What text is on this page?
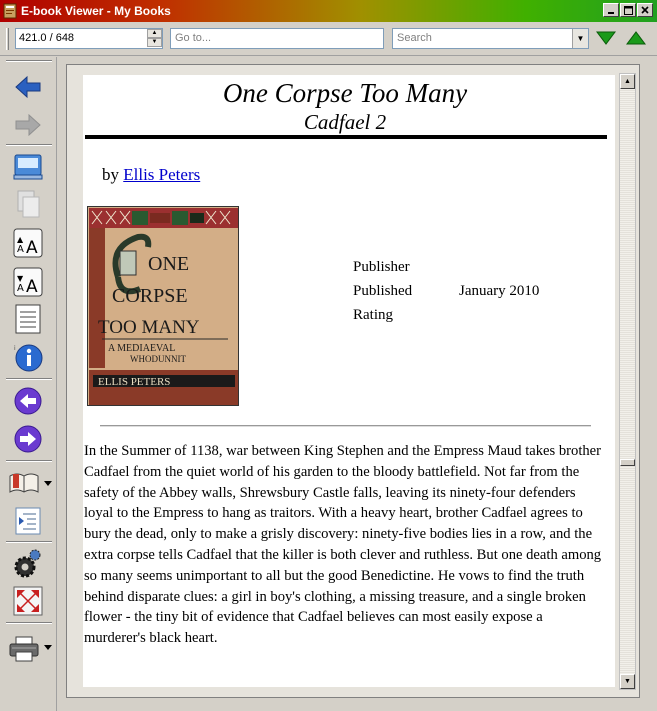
E-book Viewer - My Books
421.0 / 648	▲
▼	Go to...	Search	▼
▲
A A
▼
A A
i
One Corpse Too Many
Cadfael 2
by Ellis Peters
ONE
CORPSE
TOO MANY
A MEDIAEVAL
WHODUNNIT
ELLIS PETERS
Publisher
Published	January 2010
Rating

In the Summer of 1138, war between King Stephen and the Empress Maud takes brother Cadfael from the quiet world of his garden to the bloody battlefield. Not far from the safety of the Abbey walls, Shrewsbury Castle falls, leaving its ninety-four defenders loyal to the Empress to hang as traitors. With a heavy heart, brother Cadfael agrees to bury the dead, only to make a grisly discovery: ninety-five bodies lies in a row, and the extra corpse tells Cadfael that the killer is both clever and ruthless. But one death among so many seems unimportant to all but the good Benedictine. He vows to find the truth behind disparate clues: a girl in boy's clothing, a missing treasure, and a single broken flower - the tiny bit of evidence that Cadfael believes can most easily expose a murderer's black heart.

▲
▼
